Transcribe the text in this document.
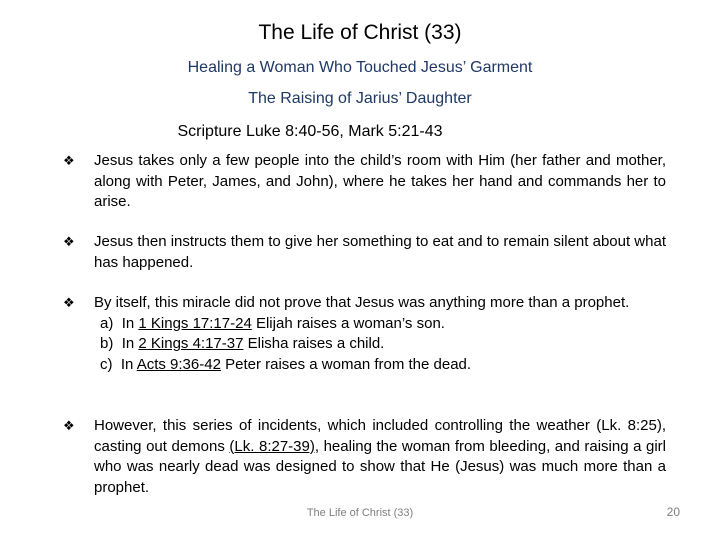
The Life of Christ (33)
Healing a Woman Who Touched Jesus’ Garment
The Raising of Jarius’ Daughter
Scripture Luke 8:40-56, Mark 5:21-43
❖	Jesus takes only a few people into the child’s room with Him (her father and mother, along with Peter, James, and John), where he takes her hand and commands her to arise.
❖	Jesus then instructs them to give her something to eat and to remain silent about what has happened.
❖	By itself, this miracle did not prove that Jesus was anything more than a prophet.
a) In 1 Kings 17:17-24 Elijah raises a woman’s son.
b) In 2 Kings 4:17-37 Elisha raises a child.
c) In Acts 9:36-42 Peter raises a woman from the dead.
❖	However, this series of incidents, which included controlling the weather (Lk. 8:25), casting out demons (Lk. 8:27-39), healing the woman from bleeding, and raising a girl who was nearly dead was designed to show that He (Jesus) was much more than a prophet.
The Life of Christ (33)	20
